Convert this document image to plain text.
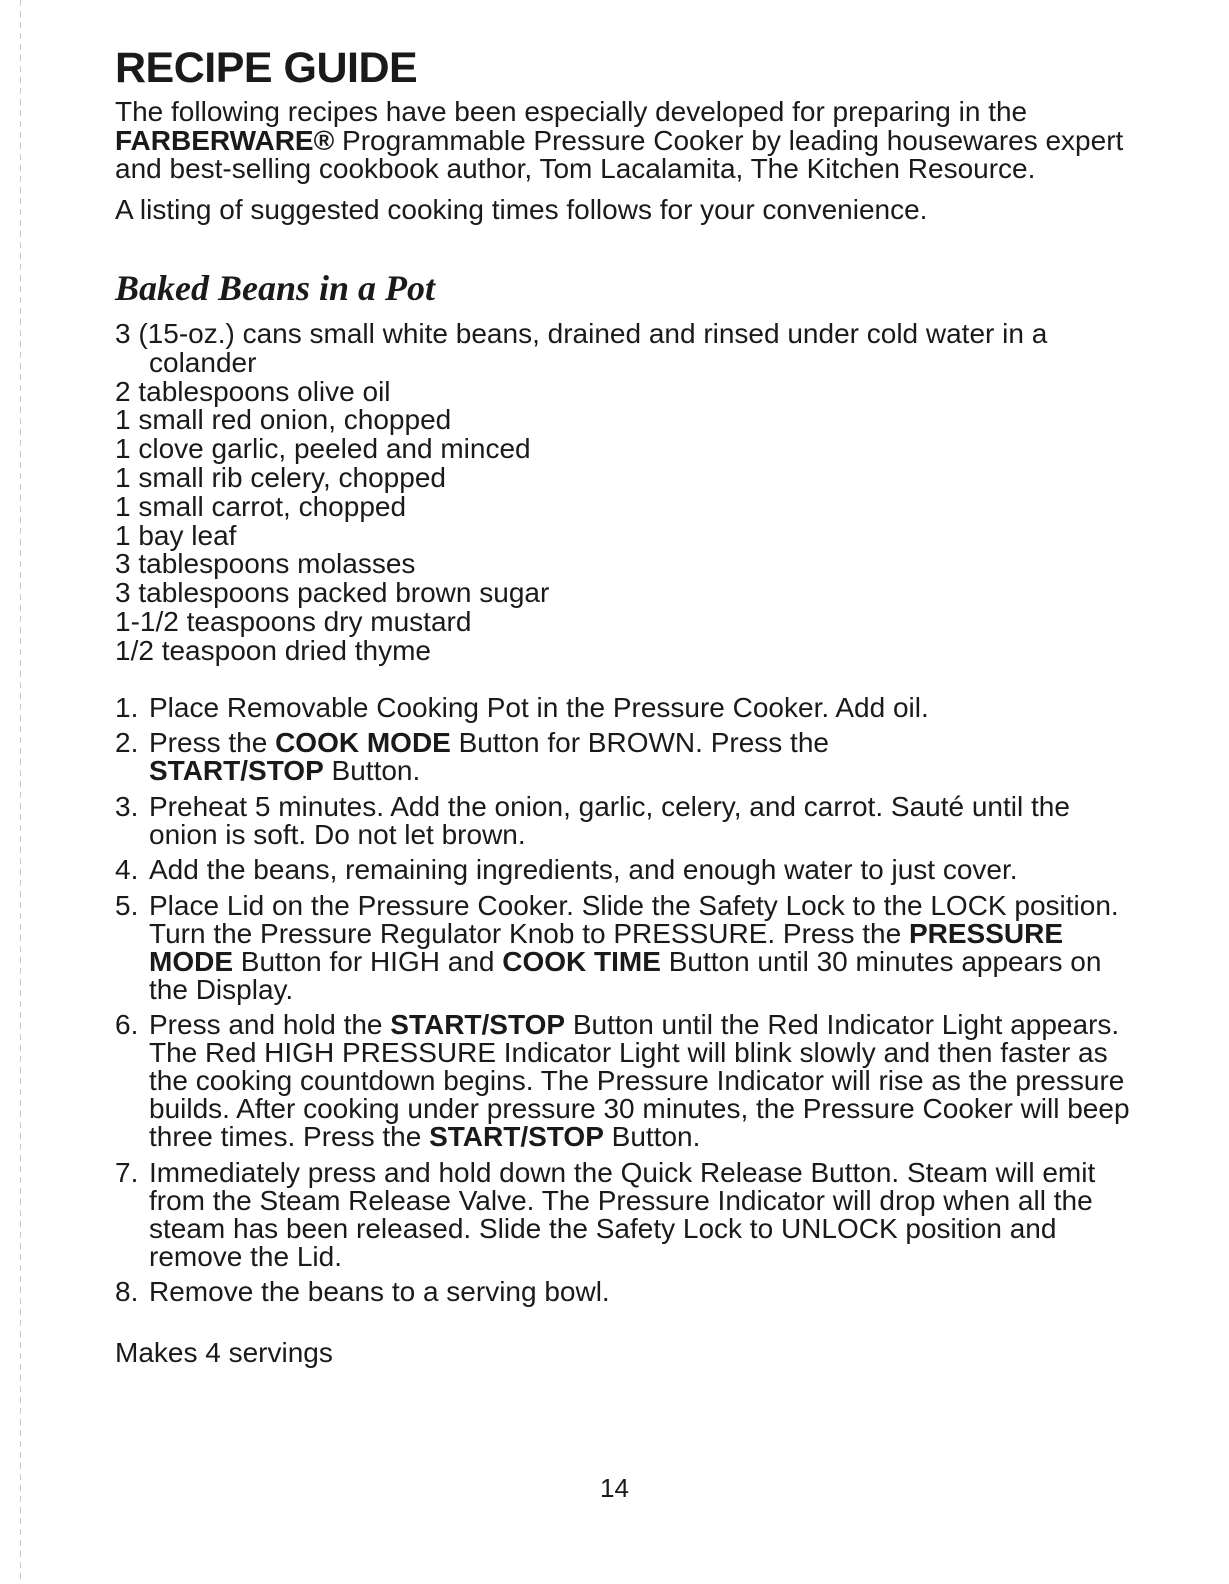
RECIPE GUIDE

The following recipes have been especially developed for preparing in the FARBERWARE® Programmable Pressure Cooker by leading housewares expert and best-selling cookbook author, Tom Lacalamita, The Kitchen Resource.

A listing of suggested cooking times follows for your convenience.

Baked Beans in a Pot
3 (15-oz.) cans small white beans, drained and rinsed under cold water in a colander
2 tablespoons olive oil
1 small red onion, chopped
1 clove garlic, peeled and minced
1 small rib celery, chopped
1 small carrot, chopped
1 bay leaf
3 tablespoons molasses
3 tablespoons packed brown sugar
1-1/2 teaspoons dry mustard
1/2 teaspoon dried thyme
1. Place Removable Cooking Pot in the Pressure Cooker. Add oil.
2. Press the COOK MODE Button for BROWN. Press the
START/STOP Button.
3. Preheat 5 minutes. Add the onion, garlic, celery, and carrot. Sauté until the onion is soft. Do not let brown.
4. Add the beans, remaining ingredients, and enough water to just cover.
5. Place Lid on the Pressure Cooker. Slide the Safety Lock to the LOCK position. Turn the Pressure Regulator Knob to PRESSURE. Press the PRESSURE MODE Button for HIGH and COOK TIME Button until 30 minutes appears on the Display.
6. Press and hold the START/STOP Button until the Red Indicator Light appears. The Red HIGH PRESSURE Indicator Light will blink slowly and then faster as the cooking countdown begins. The Pressure Indicator will rise as the pressure builds. After cooking under pressure 30 minutes, the Pressure Cooker will beep three times. Press the START/STOP Button.
7. Immediately press and hold down the Quick Release Button. Steam will emit from the Steam Release Valve. The Pressure Indicator will drop when all the steam has been released. Slide the Safety Lock to UNLOCK position and remove the Lid.
8. Remove the beans to a serving bowl.

Makes 4 servings

14
